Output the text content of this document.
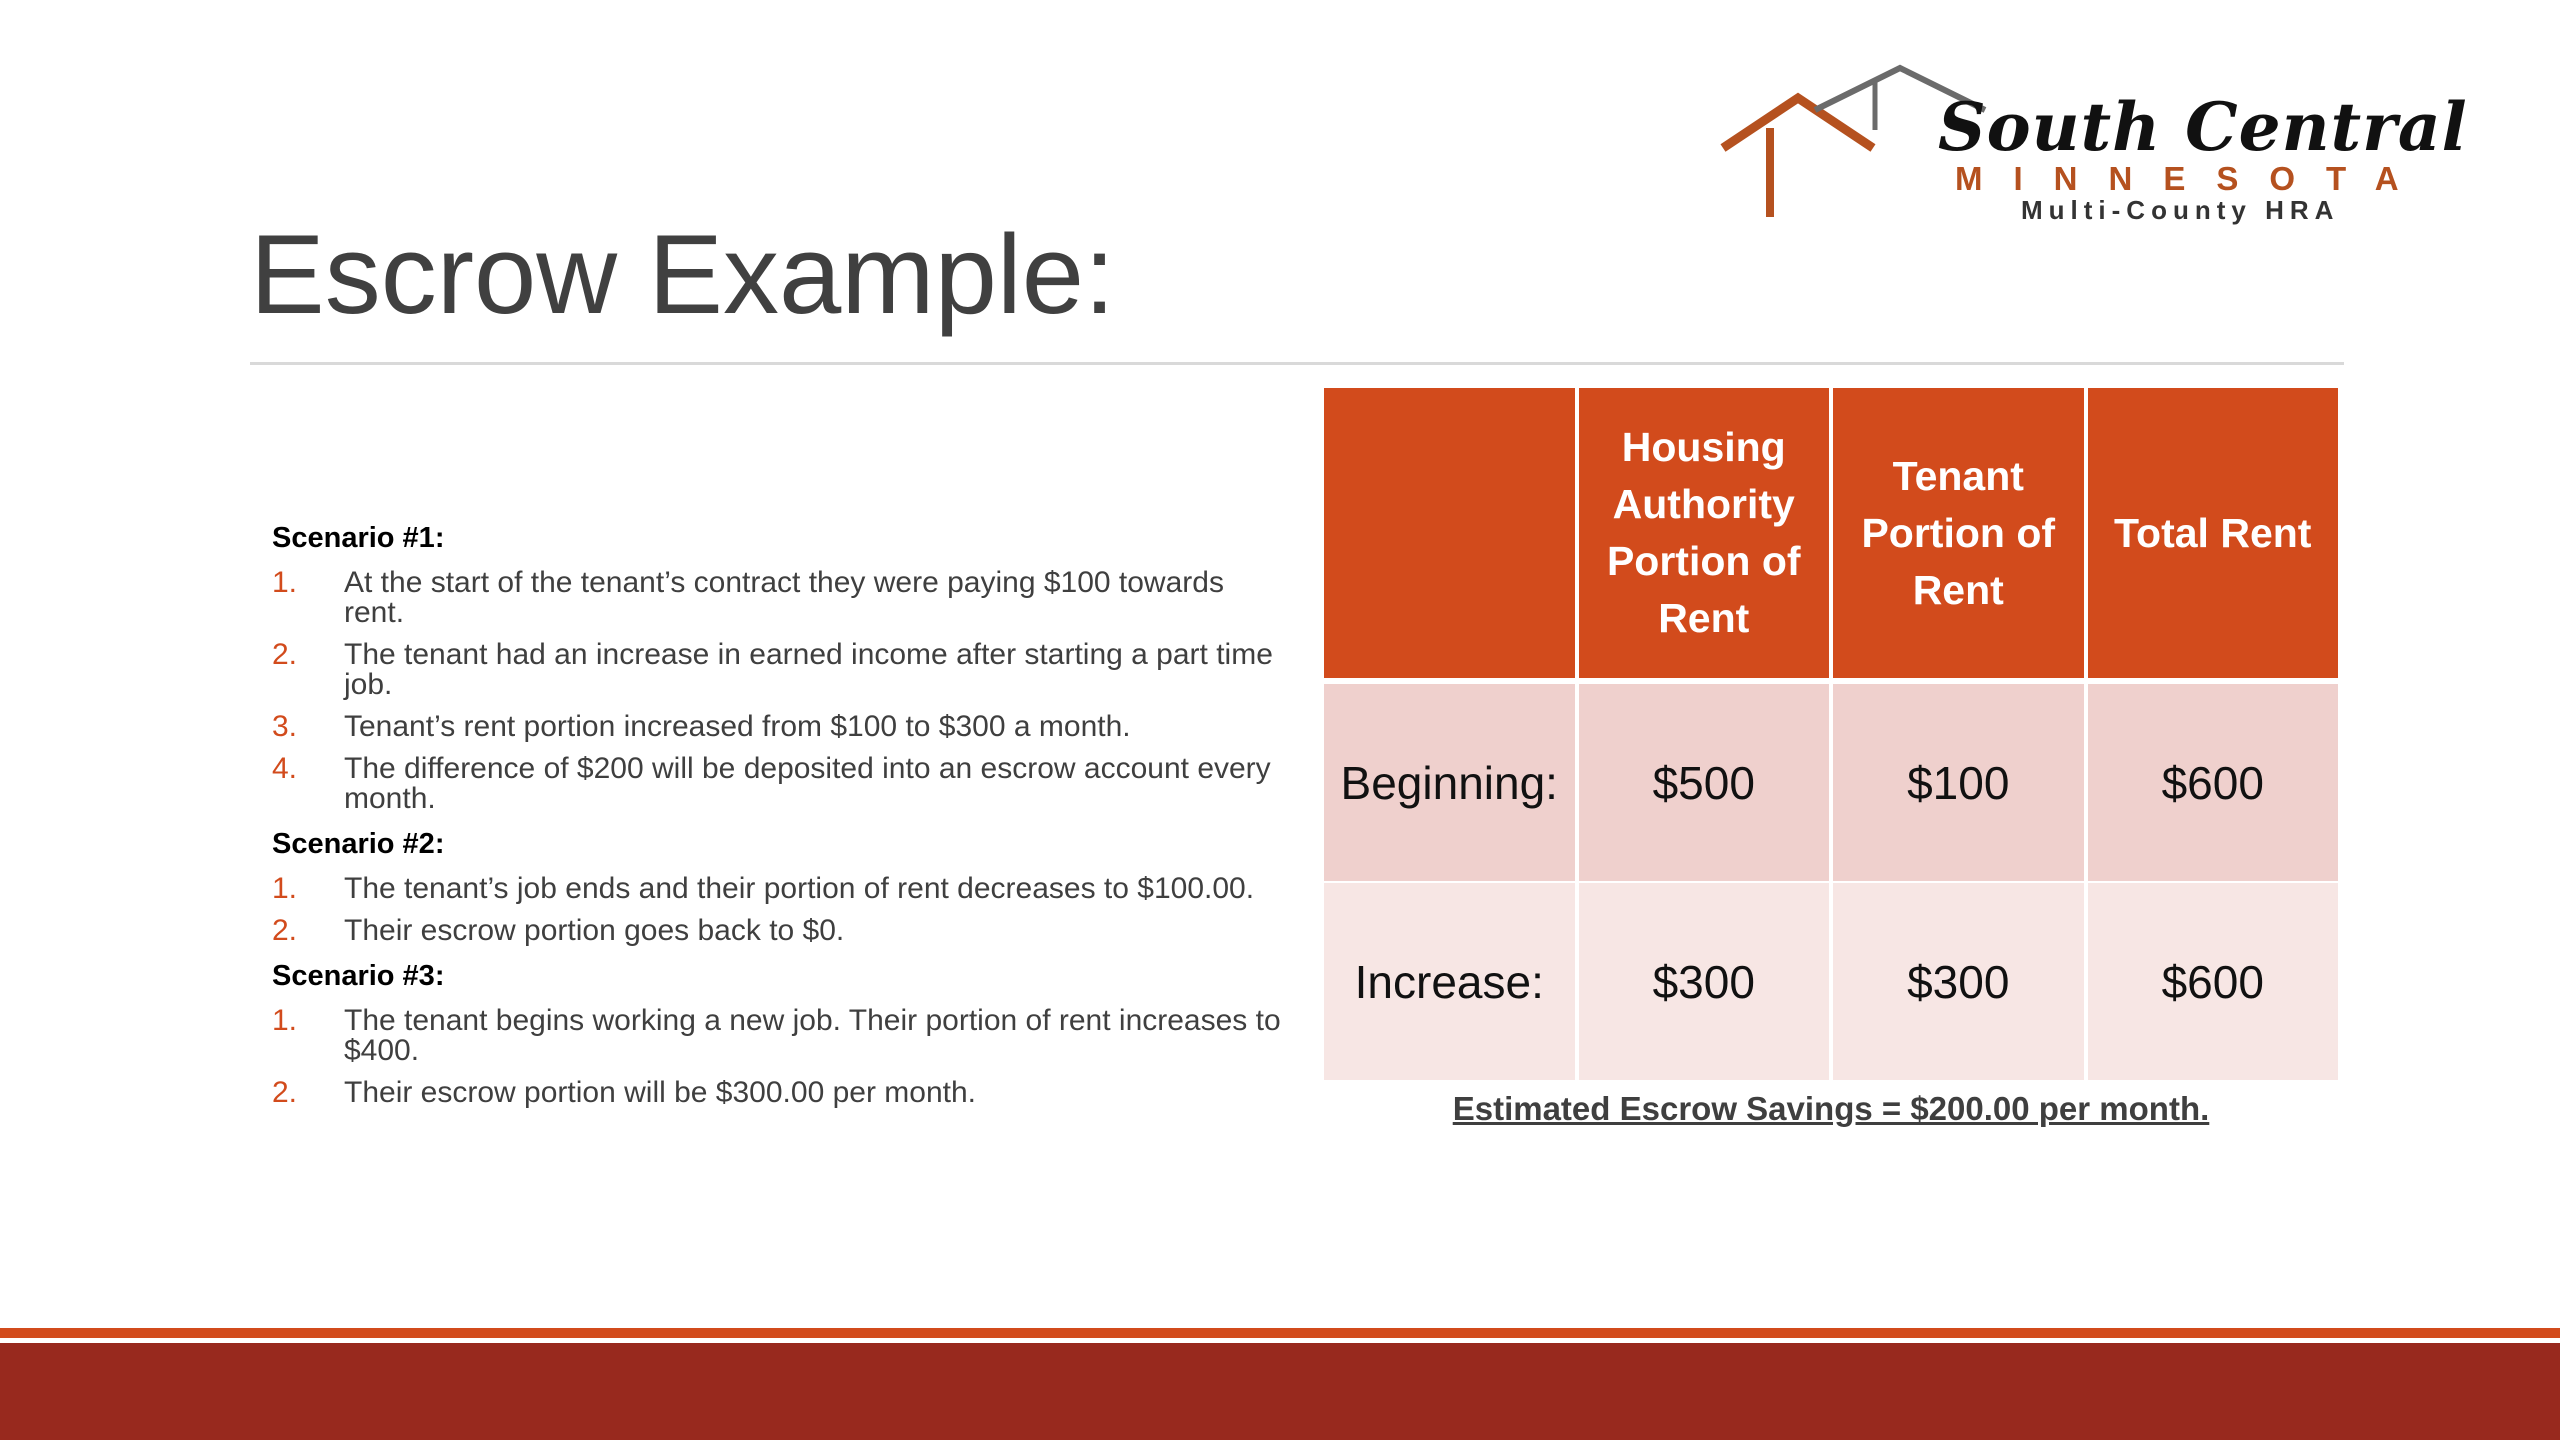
South Central
MINNESOTA
Multi-County HRA
Escrow Example:
Scenario #1:
1.	At the start of the tenant’s contract they were paying $100 towards rent.
2.	The tenant had an increase in earned income after starting a part time job.
3.	Tenant’s rent portion increased from $100 to $300 a month.
4.	The difference of $200 will be deposited into an escrow account every month.
Scenario #2:
1.	The tenant’s job ends and their portion of rent decreases to $100.00.
2.	Their escrow portion goes back to $0.
Scenario #3:
1.	The tenant begins working a new job. Their portion of rent increases to $400.
2.	Their escrow portion will be $300.00 per month.
	Housing Authority Portion of Rent	Tenant Portion of Rent	Total Rent
Beginning:	$500	$100	$600
Increase:	$300	$300	$600
Estimated Escrow Savings = $200.00 per month.
